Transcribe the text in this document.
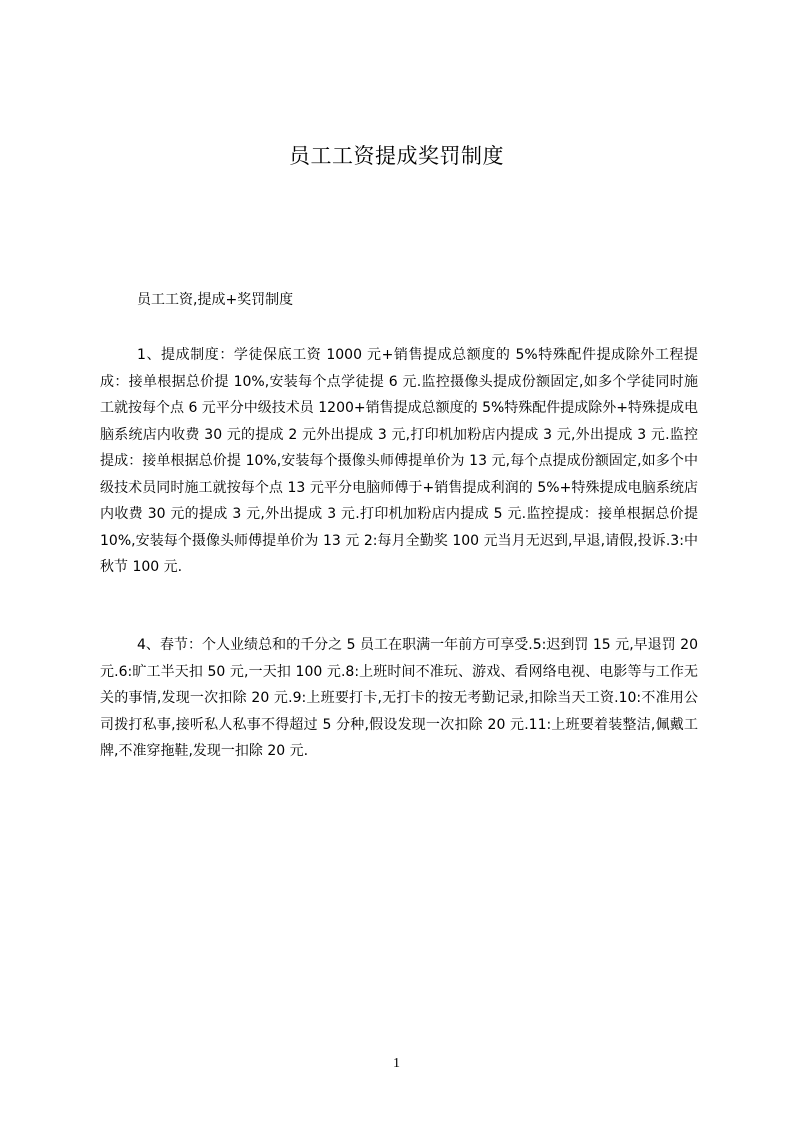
员工工资提成奖罚制度
员工工资,提成+奖罚制度
1、提成制度：学徒保底工资 1000 元+销售提成总额度的 5%特殊配件提成除外工程提成：接单根据总价提 10%,安装每个点学徒提 6 元.监控摄像头提成份额固定,如多个学徒同时施工就按每个点 6 元平分中级技术员 1200+销售提成总额度的 5%特殊配件提成除外+特殊提成电脑系统店内收费 30 元的提成 2 元外出提成 3 元,打印机加粉店内提成 3 元,外出提成 3 元.监控提成：接单根据总价提 10%,安装每个摄像头师傅提单价为 13 元,每个点提成份额固定,如多个中级技术员同时施工就按每个点 13 元平分电脑师傅于+销售提成利润的 5%+特殊提成电脑系统店内收费 30 元的提成 3 元,外出提成 3 元.打印机加粉店内提成 5 元.监控提成：接单根据总价提 10%,安装每个摄像头师傅提单价为 13 元 2:每月全勤奖 100 元当月无迟到,早退,请假,投诉.3:中秋节 100 元.
4、春节：个人业绩总和的千分之 5 员工在职满一年前方可享受.5:迟到罚 15 元,早退罚 20 元.6:旷工半天扣 50 元,一天扣 100 元.8:上班时间不准玩、游戏、看网络电视、电影等与工作无关的事情,发现一次扣除 20 元.9:上班要打卡,无打卡的按无考勤记录,扣除当天工资.10:不准用公司拨打私事,接听私人私事不得超过 5 分种,假设发现一次扣除 20 元.11:上班要着装整洁,佩戴工牌,不准穿拖鞋,发现一扣除 20 元.
1
